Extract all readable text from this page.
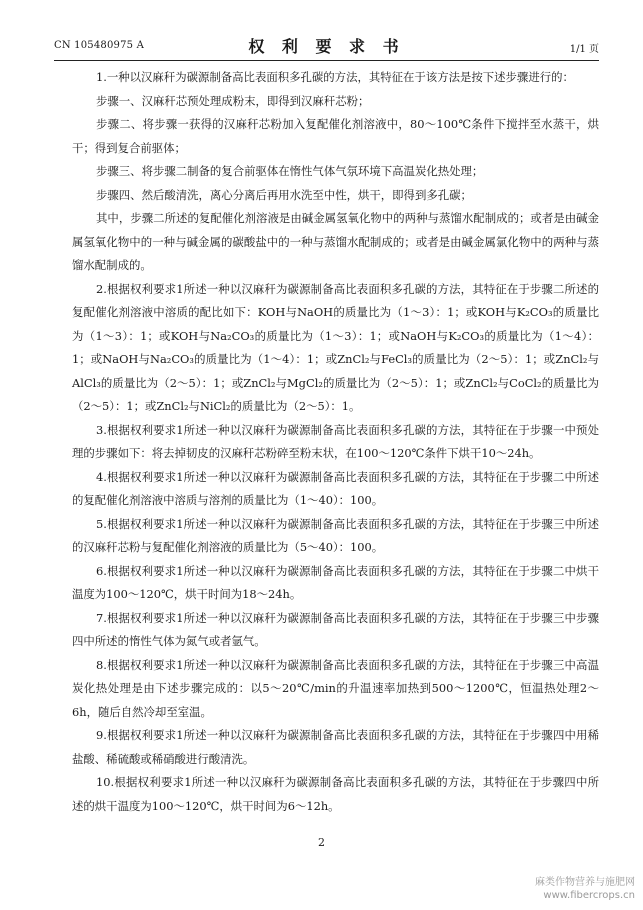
CN 105480975 A	权 利 要 求 书	1/1 页

1.一种以汉麻秆为碳源制备高比表面积多孔碳的方法，其特征在于该方法是按下述步骤进行的：

步骤一、汉麻秆芯预处理成粉末，即得到汉麻秆芯粉；

步骤二、将步骤一获得的汉麻秆芯粉加入复配催化剂溶液中，80～100℃条件下搅拌至水蒸干，烘干；得到复合前驱体；

步骤三、将步骤二制备的复合前驱体在惰性气体气氛环境下高温炭化热处理；

步骤四、然后酸清洗，离心分离后再用水洗至中性，烘干，即得到多孔碳；

其中，步骤二所述的复配催化剂溶液是由碱金属氢氧化物中的两种与蒸馏水配制成的；或者是由碱金属氢氧化物中的一种与碱金属的碳酸盐中的一种与蒸馏水配制成的；或者是由碱金属氯化物中的两种与蒸馏水配制成的。

2.根据权利要求1所述一种以汉麻秆为碳源制备高比表面积多孔碳的方法，其特征在于步骤二所述的复配催化剂溶液中溶质的配比如下：KOH与NaOH的质量比为（1～3）：1；或KOH与K₂CO₃的质量比为（1～3）：1；或KOH与Na₂CO₃的质量比为（1～3）：1；或NaOH与K₂CO₃的质量比为（1～4）：1；或NaOH与Na₂CO₃的质量比为（1～4）：1；或ZnCl₂与FeCl₃的质量比为（2～5）：1；或ZnCl₂与AlCl₃的质量比为（2～5）：1；或ZnCl₂与MgCl₂的质量比为（2～5）：1；或ZnCl₂与CoCl₂的质量比为（2～5）：1；或ZnCl₂与NiCl₂的质量比为（2～5）：1。

3.根据权利要求1所述一种以汉麻秆为碳源制备高比表面积多孔碳的方法，其特征在于步骤一中预处理的步骤如下：将去掉韧皮的汉麻秆芯粉碎至粉末状，在100～120℃条件下烘干10～24h。

4.根据权利要求1所述一种以汉麻秆为碳源制备高比表面积多孔碳的方法，其特征在于步骤二中所述的复配催化剂溶液中溶质与溶剂的质量比为（1～40）：100。

5.根据权利要求1所述一种以汉麻秆为碳源制备高比表面积多孔碳的方法，其特征在于步骤三中所述的汉麻秆芯粉与复配催化剂溶液的质量比为（5～40）：100。

6.根据权利要求1所述一种以汉麻秆为碳源制备高比表面积多孔碳的方法，其特征在于步骤二中烘干温度为100～120℃，烘干时间为18～24h。

7.根据权利要求1所述一种以汉麻秆为碳源制备高比表面积多孔碳的方法，其特征在于步骤三中步骤四中所述的惰性气体为氮气或者氩气。

8.根据权利要求1所述一种以汉麻秆为碳源制备高比表面积多孔碳的方法，其特征在于步骤三中高温炭化热处理是由下述步骤完成的：以5～20℃/min的升温速率加热到500～1200℃，恒温热处理2～6h，随后自然冷却至室温。

9.根据权利要求1所述一种以汉麻秆为碳源制备高比表面积多孔碳的方法，其特征在于步骤四中用稀盐酸、稀硫酸或稀硝酸进行酸清洗。

10.根据权利要求1所述一种以汉麻秆为碳源制备高比表面积多孔碳的方法，其特征在于步骤四中所述的烘干温度为100～120℃，烘干时间为6～12h。

2
麻类作物营养与施肥网
www.fibercrops.cn
